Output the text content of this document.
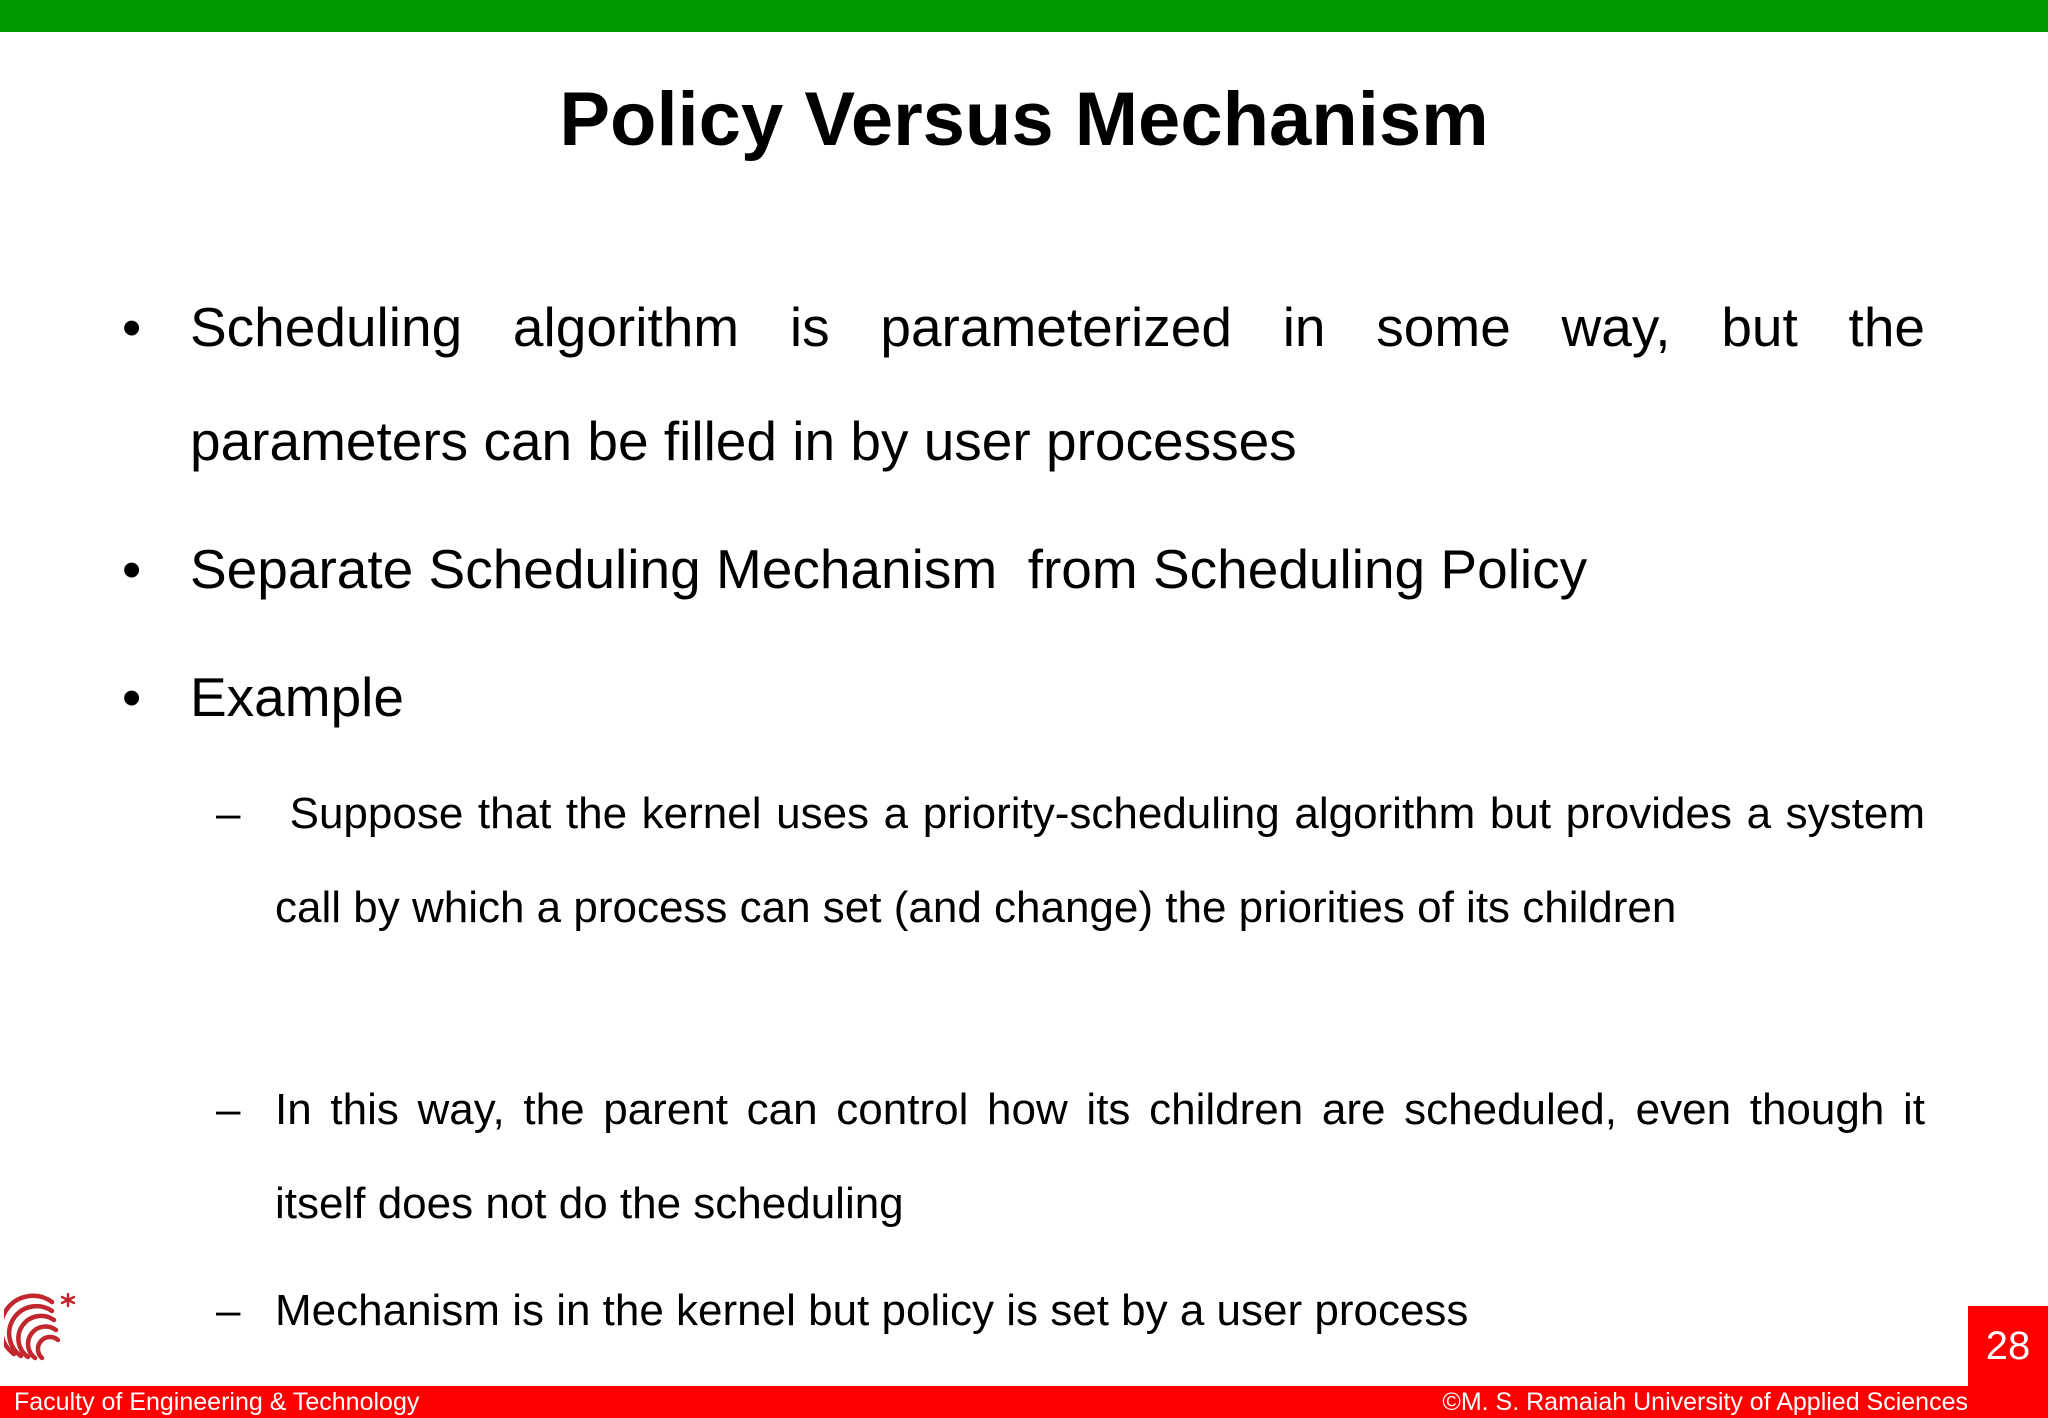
Policy Versus Mechanism
• Scheduling algorithm is parameterized in some way, but the parameters can be filled in by user processes
• Separate Scheduling Mechanism  from Scheduling Policy
• Example
– Suppose that the kernel uses a priority-scheduling algorithm but provides a system call by which a process can set (and change) the priorities of its children
– In this way, the parent can control how its children are scheduled, even though it itself does not do the scheduling
– Mechanism is in the kernel but policy is set by a user process
28
Faculty of Engineering & Technology	©M. S. Ramaiah University of Applied Sciences
